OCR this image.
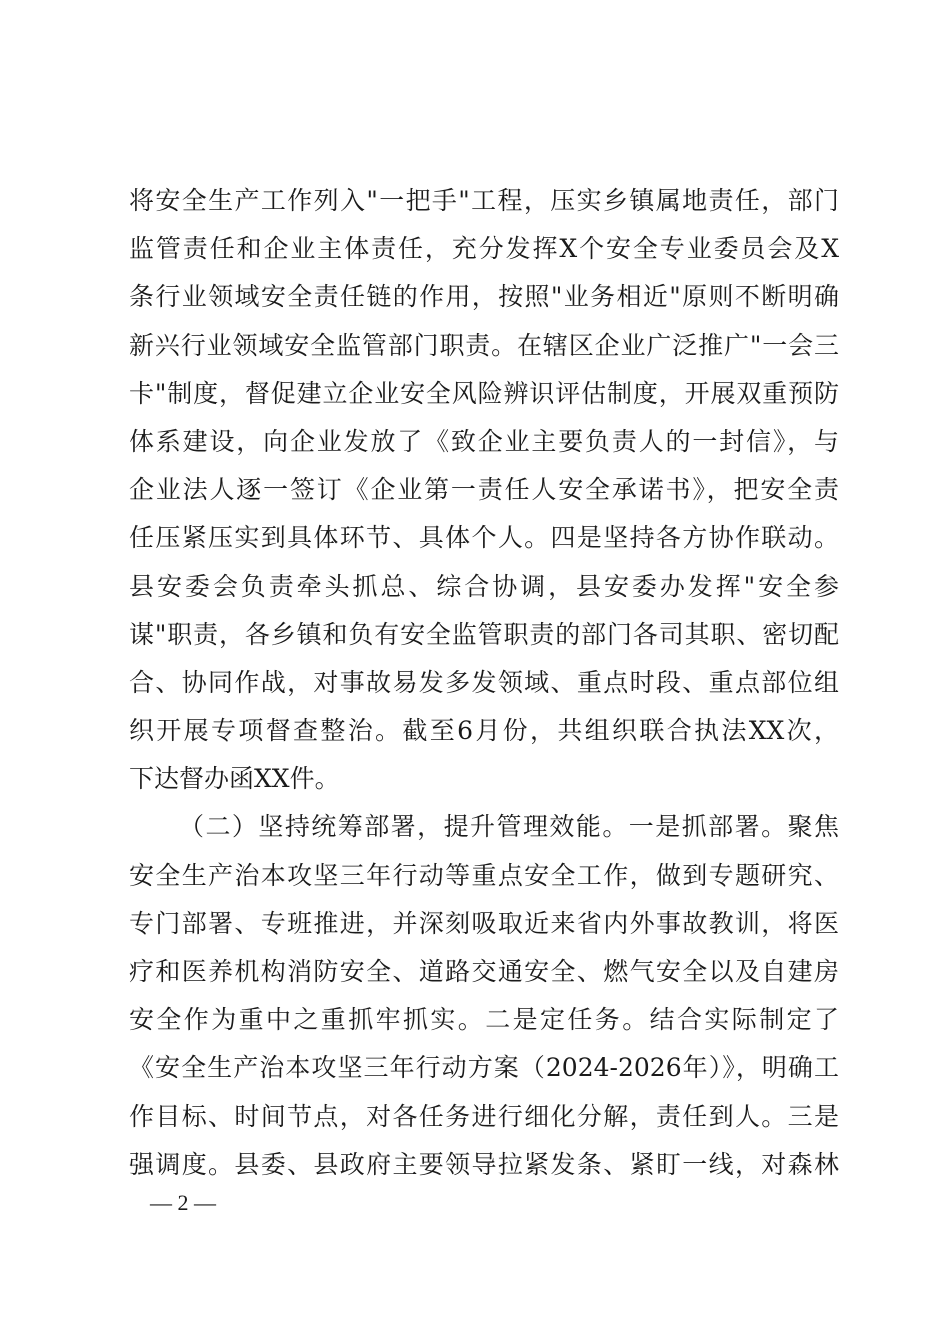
将安全生产工作列入"一把手"工程，压实乡镇属地责任，部门
监管责任和企业主体责任，充分发挥X个安全专业委员会及X
条行业领域安全责任链的作用，按照"业务相近"原则不断明确
新兴行业领域安全监管部门职责。在辖区企业广泛推广"一会三
卡"制度，督促建立企业安全风险辨识评估制度，开展双重预防
体系建设，向企业发放了《致企业主要负责人的一封信》，与
企业法人逐一签订《企业第一责任人安全承诺书》，把安全责
任压紧压实到具体环节、具体个人。四是坚持各方协作联动。
县安委会负责牵头抓总、综合协调，县安委办发挥"安全参
谋"职责，各乡镇和负有安全监管职责的部门各司其职、密切配
合、协同作战，对事故易发多发领域、重点时段、重点部位组
织开展专项督查整治。截至6月份，共组织联合执法XX次，
下达督办函XX件。
（二）坚持统筹部署，提升管理效能。一是抓部署。聚焦
安全生产治本攻坚三年行动等重点安全工作，做到专题研究、
专门部署、专班推进，并深刻吸取近来省内外事故教训，将医
疗和医养机构消防安全、道路交通安全、燃气安全以及自建房
安全作为重中之重抓牢抓实。二是定任务。结合实际制定了
《安全生产治本攻坚三年行动方案（2024-2026年）》，明确工
作目标、时间节点，对各任务进行细化分解，责任到人。三是
强调度。县委、县政府主要领导拉紧发条、紧盯一线，对森林
— 2 —
